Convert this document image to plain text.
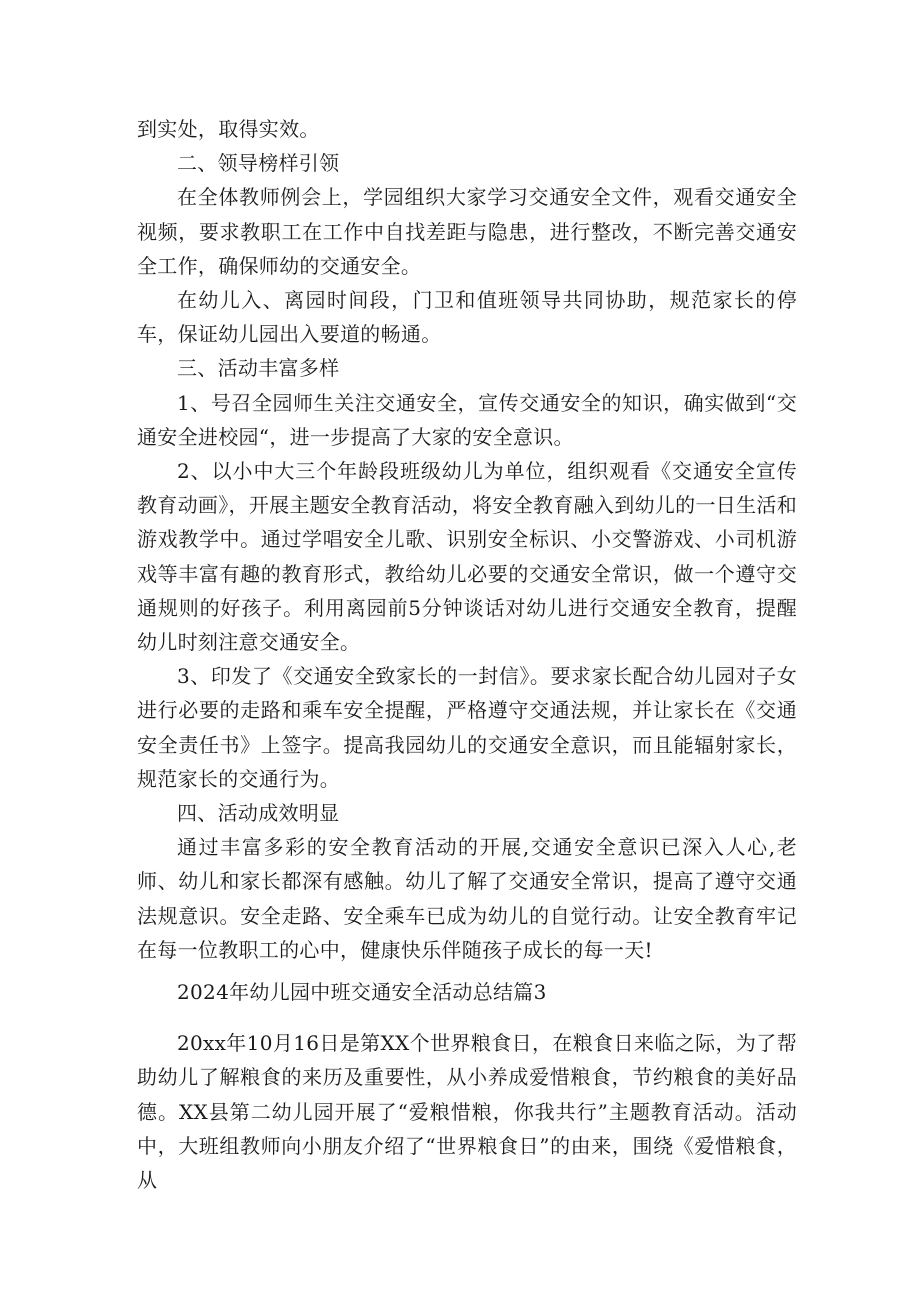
到实处，取得实效。

二、领导榜样引领

在全体教师例会上，学园组织大家学习交通安全文件，观看交通安全视频，要求教职工在工作中自找差距与隐患，进行整改，不断完善交通安全工作，确保师幼的交通安全。

在幼儿入、离园时间段，门卫和值班领导共同协助，规范家长的停车，保证幼儿园出入要道的畅通。

三、活动丰富多样

1、号召全园师生关注交通安全，宣传交通安全的知识，确实做到“交通安全进校园“，进一步提高了大家的安全意识。

2、以小中大三个年龄段班级幼儿为单位，组织观看《交通安全宣传教育动画》，开展主题安全教育活动，将安全教育融入到幼儿的一日生活和游戏教学中。通过学唱安全儿歌、识别安全标识、小交警游戏、小司机游戏等丰富有趣的教育形式，教给幼儿必要的交通安全常识，做一个遵守交通规则的好孩子。利用离园前5分钟谈话对幼儿进行交通安全教育，提醒幼儿时刻注意交通安全。

3、印发了《交通安全致家长的一封信》。要求家长配合幼儿园对子女进行必要的走路和乘车安全提醒，严格遵守交通法规，并让家长在《交通安全责任书》上签字。提高我园幼儿的交通安全意识，而且能辐射家长，规范家长的交通行为。

四、活动成效明显

通过丰富多彩的安全教育活动的开展,交通安全意识已深入人心,老师、幼儿和家长都深有感触。幼儿了解了交通安全常识，提高了遵守交通法规意识。安全走路、安全乘车已成为幼儿的自觉行动。让安全教育牢记在每一位教职工的心中，健康快乐伴随孩子成长的每一天!

2024年幼儿园中班交通安全活动总结篇3

20xx年10月16日是第XX个世界粮食日，在粮食日来临之际，为了帮助幼儿了解粮食的来历及重要性，从小养成爱惜粮食，节约粮食的美好品德。XX县第二幼儿园开展了“爱粮惜粮，你我共行”主题教育活动。活动中，大班组教师向小朋友介绍了“世界粮食日”的由来，围绕《爱惜粮食，从
